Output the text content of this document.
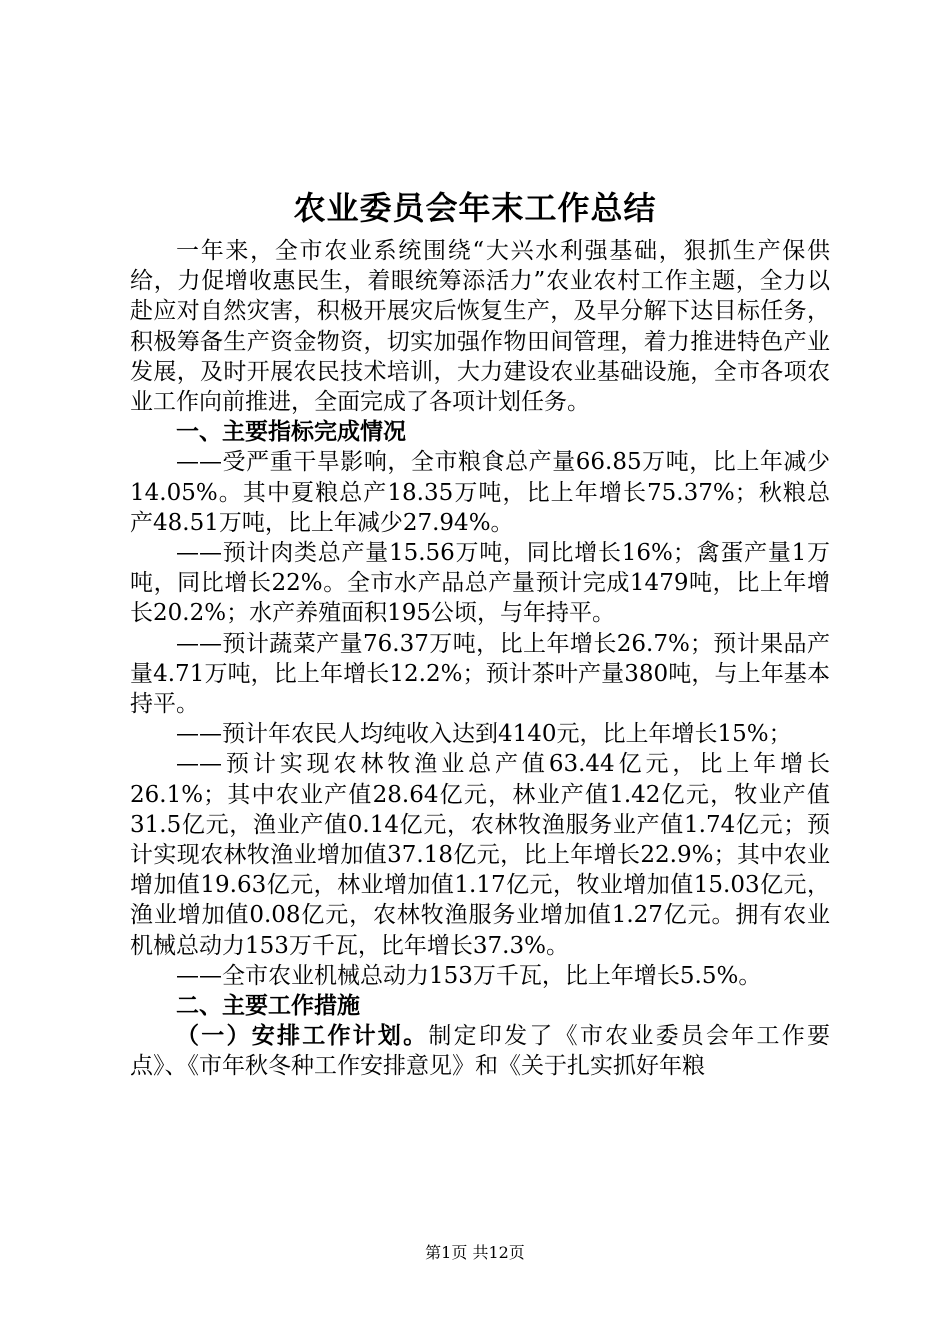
农业委员会年末工作总结

一年来，全市农业系统围绕“大兴水利强基础，狠抓生产保供给，力促增收惠民生，着眼统筹添活力”农业农村工作主题，全力以赴应对自然灾害，积极开展灾后恢复生产，及早分解下达目标任务，积极筹备生产资金物资，切实加强作物田间管理，着力推进特色产业发展，及时开展农民技术培训，大力建设农业基础设施，全市各项农业工作向前推进，全面完成了各项计划任务。

一、主要指标完成情况

——受严重干旱影响，全市粮食总产量66.85万吨，比上年减少14.05%。其中夏粮总产18.35万吨，比上年增长75.37%；秋粮总产48.51万吨，比上年减少27.94%。

——预计肉类总产量15.56万吨，同比增长16%；禽蛋产量1万吨，同比增长22%。全市水产品总产量预计完成1479吨，比上年增长20.2%；水产养殖面积195公顷，与年持平。

——预计蔬菜产量76.37万吨，比上年增长26.7%；预计果品产量4.71万吨，比上年增长12.2%；预计茶叶产量380吨，与上年基本持平。

——预计年农民人均纯收入达到4140元，比上年增长15%；

——预计实现农林牧渔业总产值63.44亿元，比上年增长26.1%；其中农业产值28.64亿元，林业产值1.42亿元，牧业产值31.5亿元，渔业产值0.14亿元，农林牧渔服务业产值1.74亿元；预计实现农林牧渔业增加值37.18亿元，比上年增长22.9%；其中农业增加值19.63亿元，林业增加值1.17亿元，牧业增加值15.03亿元，渔业增加值0.08亿元，农林牧渔服务业增加值1.27亿元。拥有农业机械总动力153万千瓦，比年增长37.3%。

——全市农业机械总动力153万千瓦，比上年增长5.5%。

二、主要工作措施

（一）安排工作计划。制定印发了《市农业委员会年工作要点》、《市年秋冬种工作安排意见》和《关于扎实抓好年粮

第1页 共12页
